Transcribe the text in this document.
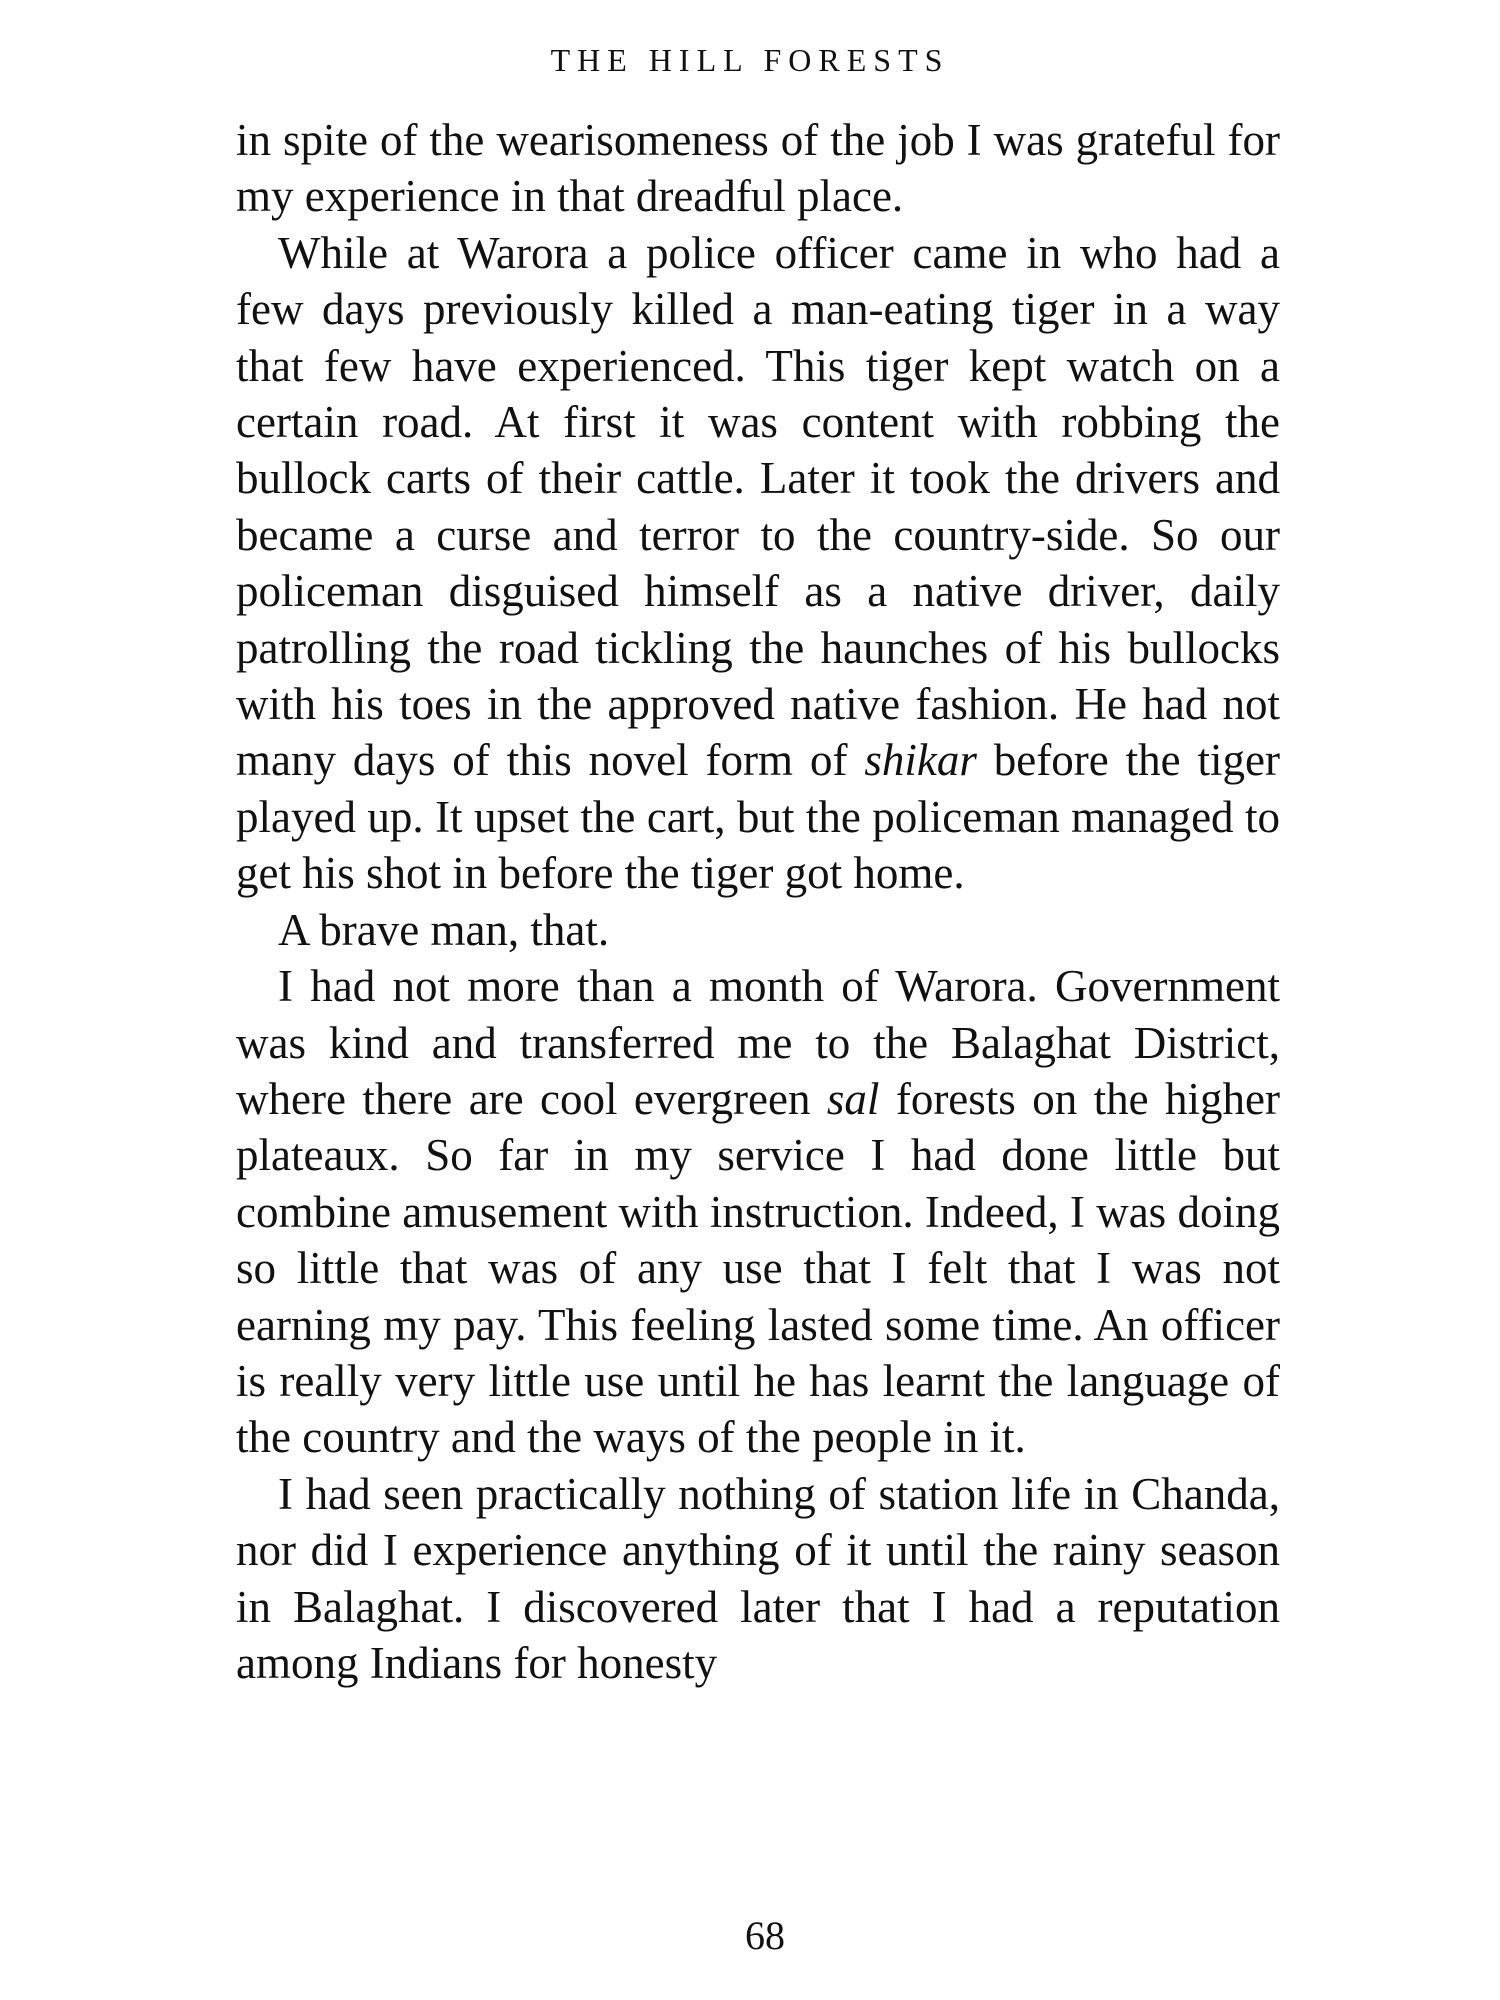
THE HILL FORESTS

in spite of the wearisomeness of the job I was grateful for my experience in that dreadful place.

While at Warora a police officer came in who had a few days previously killed a man-eating tiger in a way that few have experienced. This tiger kept watch on a certain road. At first it was content with robbing the bullock carts of their cattle. Later it took the drivers and became a curse and terror to the country-side. So our policeman disguised himself as a native driver, daily patrolling the road tickling the haunches of his bullocks with his toes in the approved native fashion. He had not many days of this novel form of shikar before the tiger played up. It upset the cart, but the policeman managed to get his shot in before the tiger got home.

A brave man, that.

I had not more than a month of Warora. Government was kind and transferred me to the Balaghat District, where there are cool evergreen sal forests on the higher plateaux. So far in my service I had done little but combine amusement with instruction. Indeed, I was doing so little that was of any use that I felt that I was not earning my pay. This feeling lasted some time. An officer is really very little use until he has learnt the language of the country and the ways of the people in it.

I had seen practically nothing of station life in Chanda, nor did I experience anything of it until the rainy season in Balaghat. I discovered later that I had a reputation among Indians for honesty

68
